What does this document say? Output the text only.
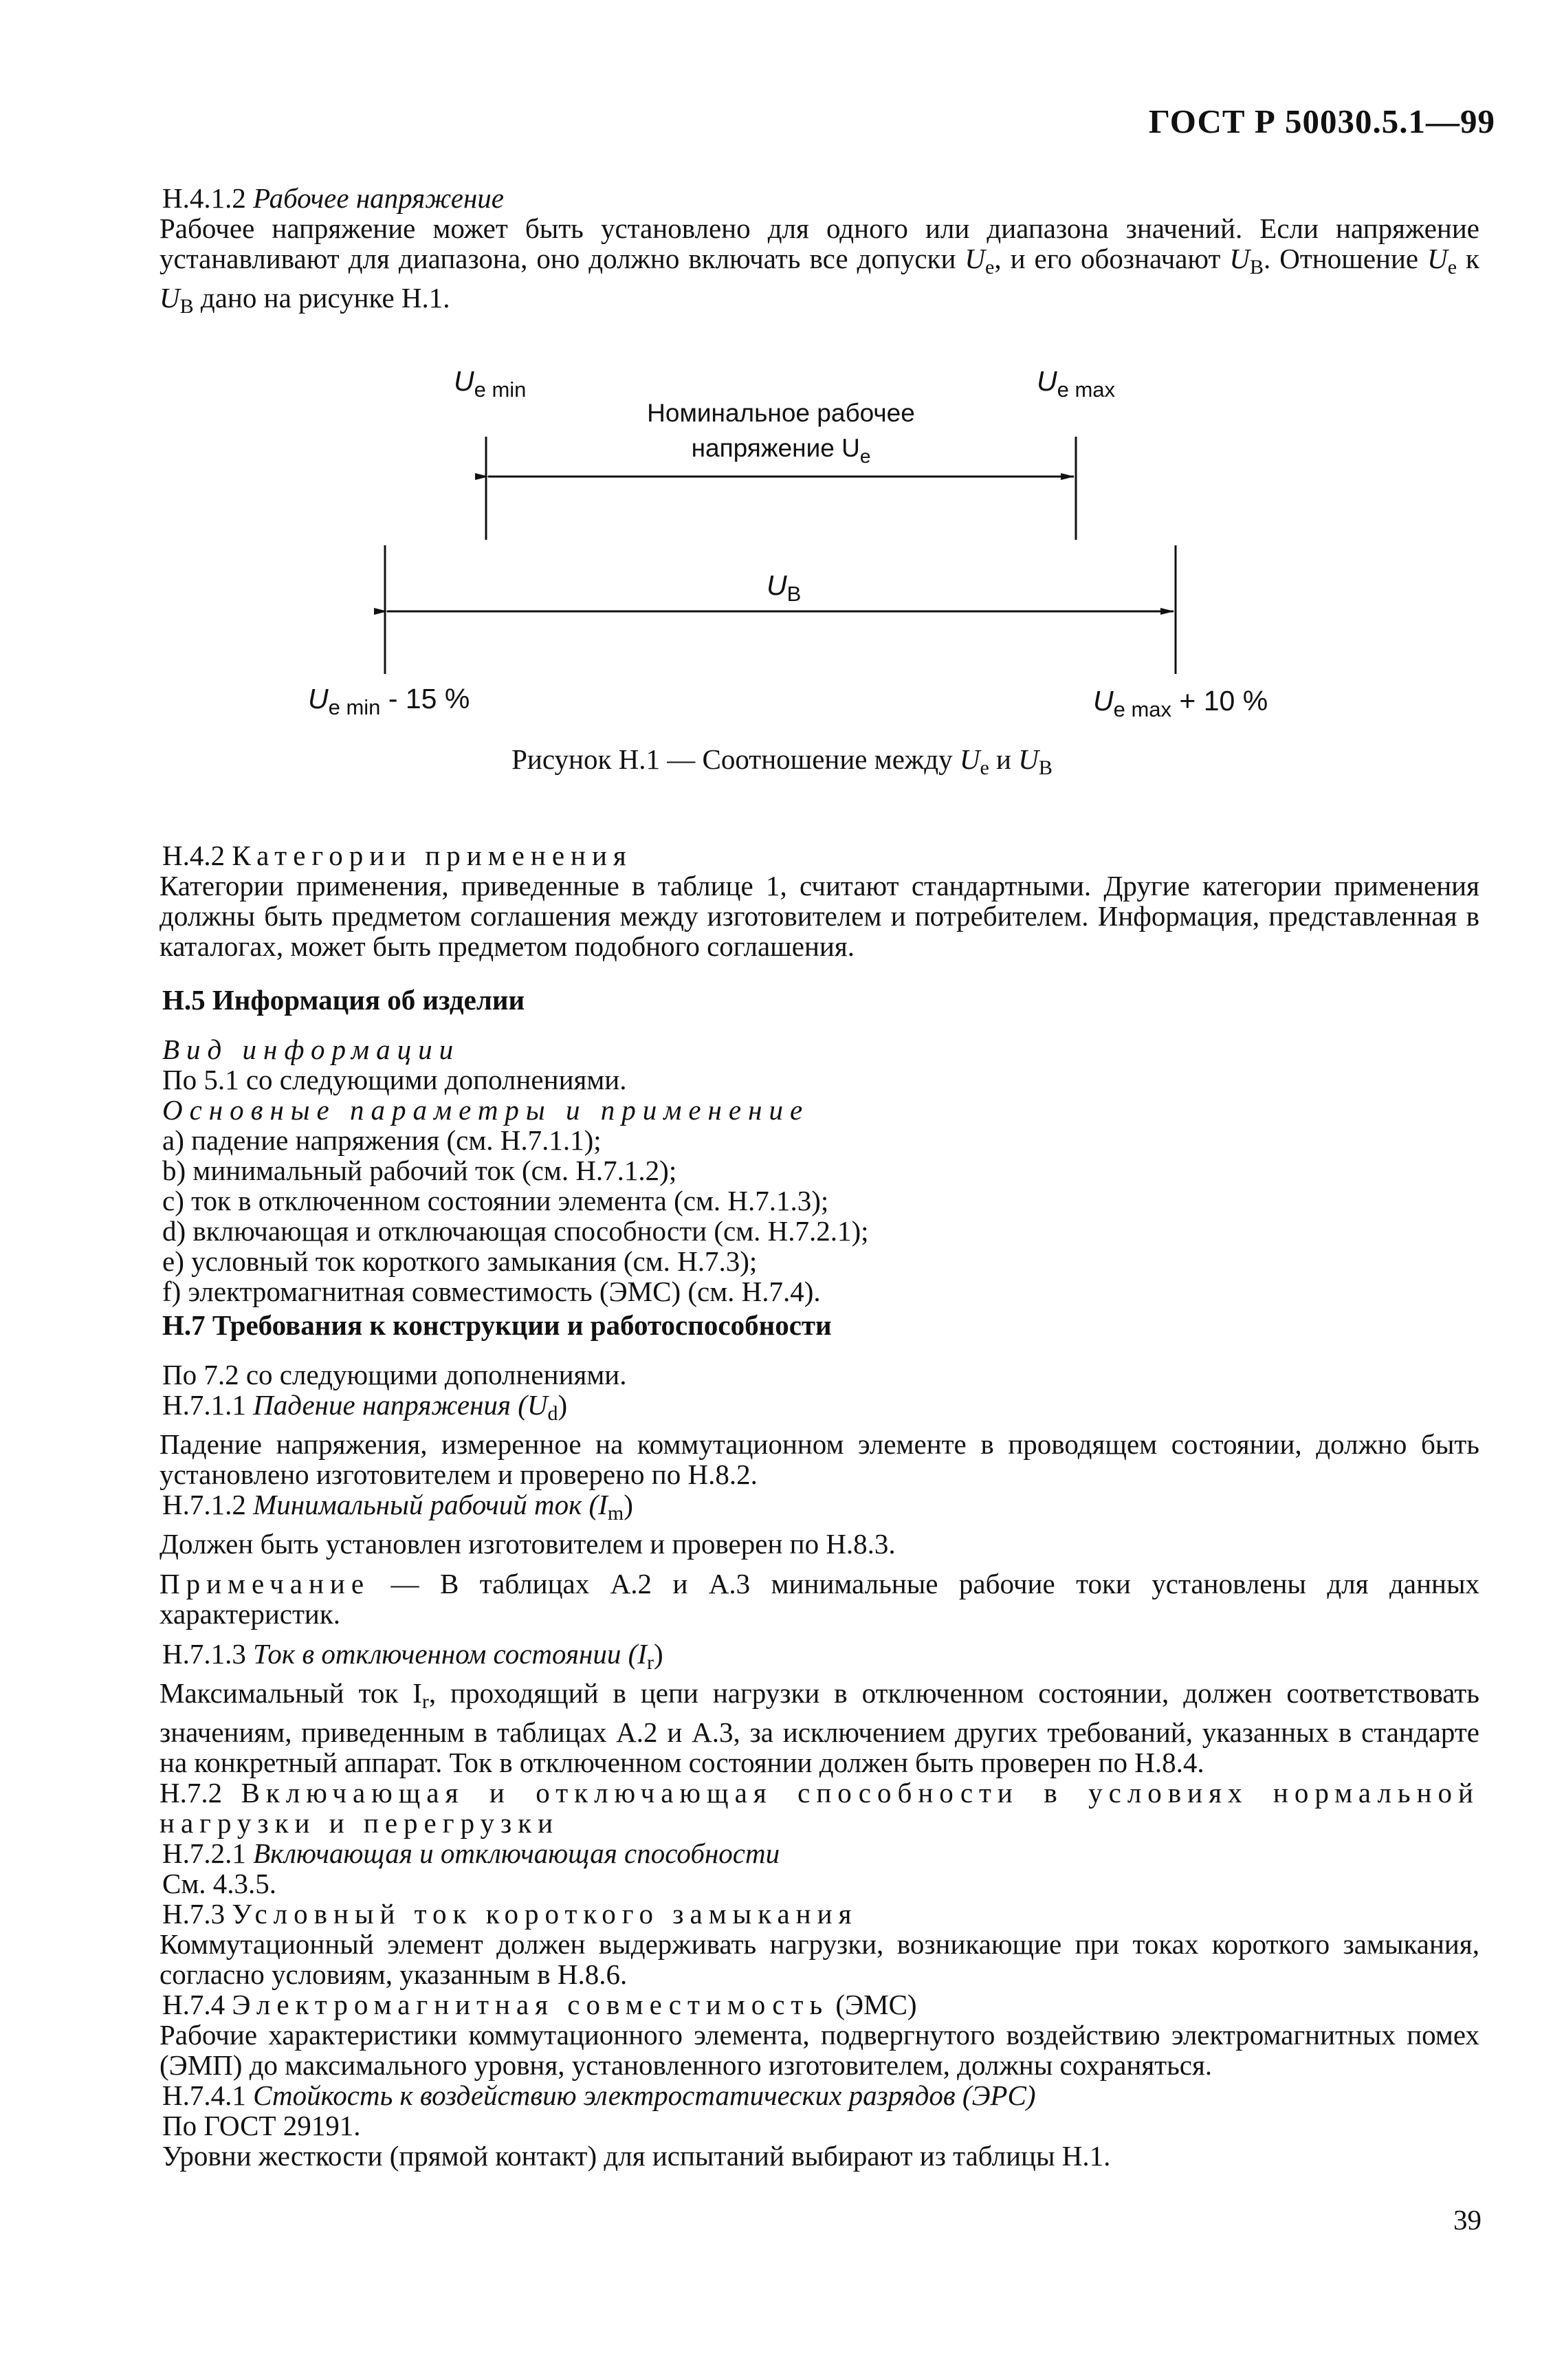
ГОСТ Р 50030.5.1—99
Н.4.1.2 Рабочее напряжение
Рабочее напряжение может быть установлено для одного или диапазона значений. Если напряжение устанавливают для диапазона, оно должно включать все допуски $U_e$, и его обозначают $U_B$. Отношение $U_e$ к $U_B$ дано на рисунке Н.1.
$U_{e min}$	$U_{e max}$
Номинальное рабочее
напряжение $U_e$
$U_B$
$U_{e min} - 15$ %	$U_{e max} + 10$ %
Рисунок Н.1 — Соотношение между $U_e$ и $U_B$
Н.4.2 Категории применения
Категории применения, приведенные в таблице 1, считают стандартными. Другие категории применения должны быть предметом соглашения между изготовителем и потребителем. Информация, представленная в каталогах, может быть предметом подобного соглашения.
Н.5 Информация об изделии
Вид информации
По 5.1 со следующими дополнениями.
Основные параметры и применение
a) падение напряжения (см. Н.7.1.1);
b) минимальный рабочий ток (см. Н.7.1.2);
c) ток в отключенном состоянии элемента (см. Н.7.1.3);
d) включающая и отключающая способности (см. Н.7.2.1);
e) условный ток короткого замыкания (см. Н.7.3);
f) электромагнитная совместимость (ЭМС) (см. Н.7.4).
Н.7 Требования к конструкции и работоспособности
По 7.2 со следующими дополнениями.
Н.7.1.1 Падение напряжения $(U_d)$
Падение напряжения, измеренное на коммутационном элементе в проводящем состоянии, должно быть установлено изготовителем и проверено по Н.8.2.
Н.7.1.2 Минимальный рабочий ток $(I_m)$
Должен быть установлен изготовителем и проверен по Н.8.3.
Примечание — В таблицах А.2 и А.3 минимальные рабочие токи установлены для данных характеристик.
Н.7.1.3 Ток в отключенном состоянии $(I_r)$
Максимальный ток $I_r$, проходящий в цепи нагрузки в отключенном состоянии, должен соответствовать значениям, приведенным в таблицах А.2 и А.3, за исключением других требований, указанных в стандарте на конкретный аппарат. Ток в отключенном состоянии должен быть проверен по Н.8.4.
Н.7.2 Включающая и отключающая способности в условиях нормальной нагрузки и перегрузки
Н.7.2.1 Включающая и отключающая способности
См. 4.3.5.
Н.7.3 Условный ток короткого замыкания
Коммутационный элемент должен выдерживать нагрузки, возникающие при токах короткого замыкания, согласно условиям, указанным в Н.8.6.
Н.7.4 Электромагнитная совместимость (ЭМС)
Рабочие характеристики коммутационного элемента, подвергнутого воздействию электромагнитных помех (ЭМП) до максимального уровня, установленного изготовителем, должны сохраняться.
Н.7.4.1 Стойкость к воздействию электростатических разрядов (ЭРС)
По ГОСТ 29191.
Уровни жесткости (прямой контакт) для испытаний выбирают из таблицы Н.1.
39
